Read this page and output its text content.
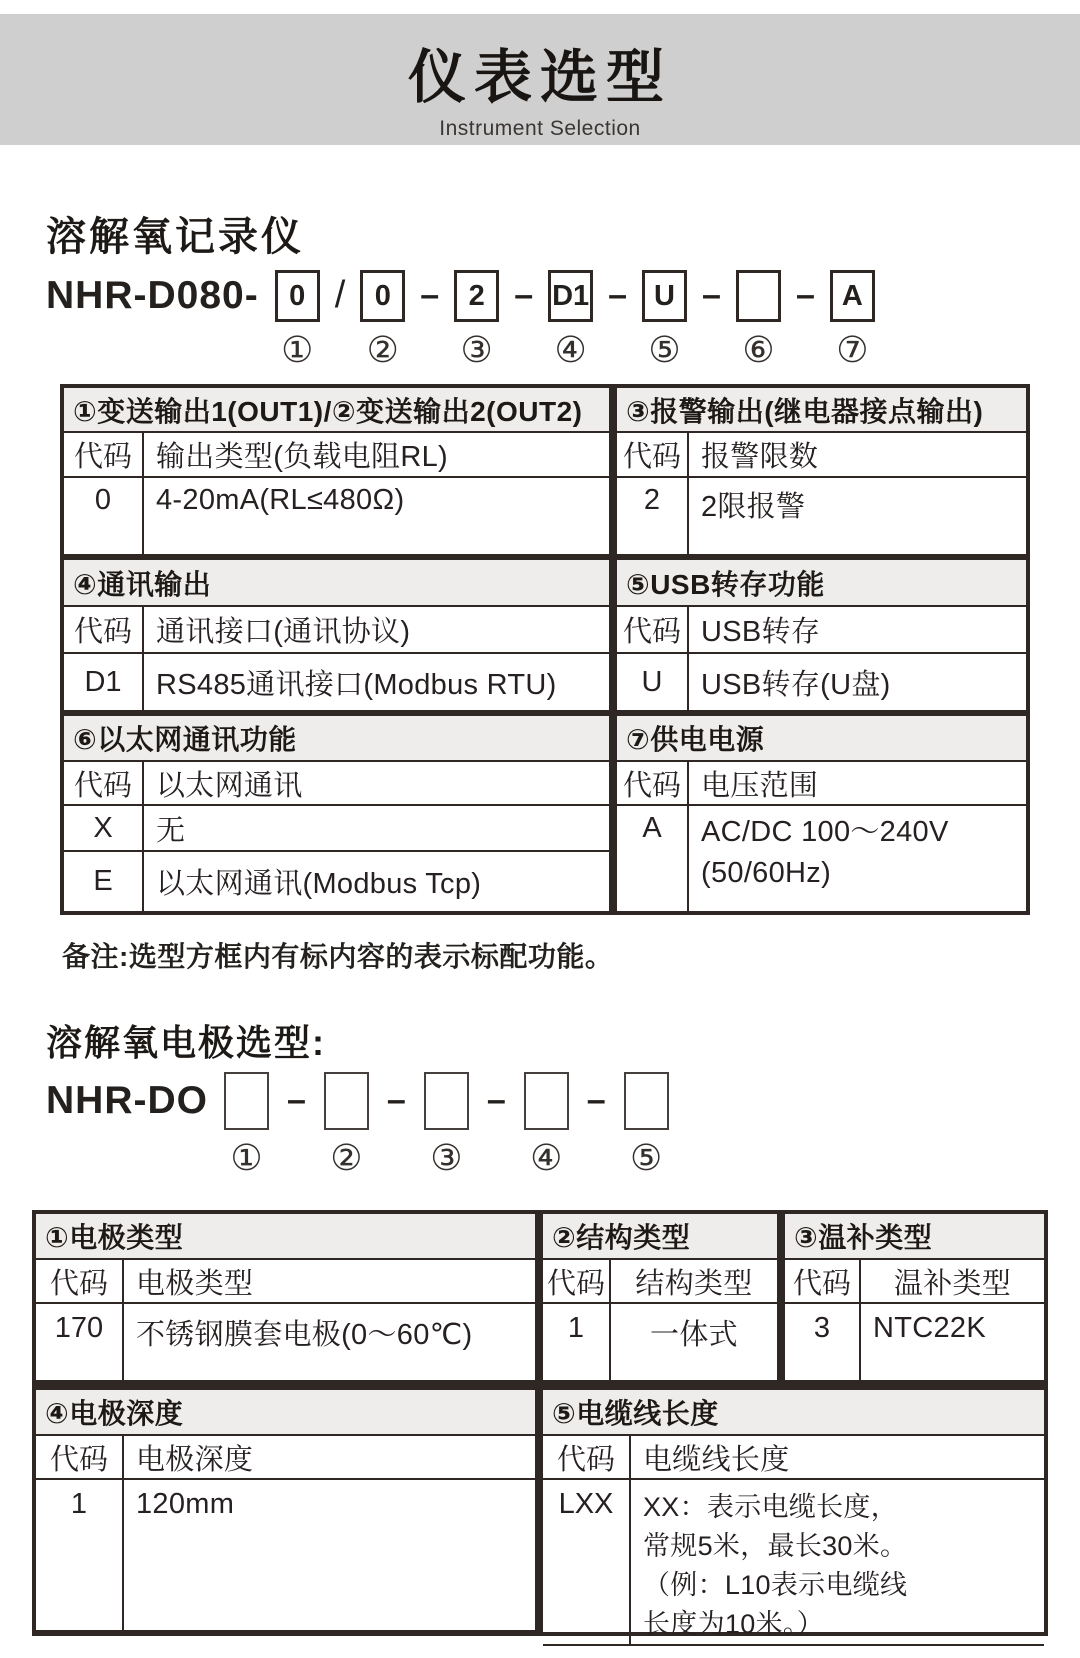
仪表选型
Instrument Selection
溶解氧记录仪
NHR-D080-	0
①
/	0
②
–	2
③
– D1
④
– U
⑤
–
⑥
– A
⑦
①变送输出1(OUT1)/②变送输出2(OUT2)
代码 输出类型(负载电阻RL)
0	4-20mA(RL≤480Ω)
④通讯输出
代码 通讯接口(通讯协议)
D1	RS485通讯接口(Modbus RTU)
⑥以太网通讯功能
代码 以太网通讯
X	无
E	以太网通讯(Modbus Tcp)
③报警输出(继电器接点输出)
代码 报警限数
2	2限报警
⑤USB转存功能
代码 USB转存
U	USB转存(U盘)
⑦供电电源
代码 电压范围
A	AC/DC 100～240V
(50/60Hz)
备注:选型方框内有标内容的表示标配功能。
溶解氧电极选型:
NHR-DO
①
–
②
–
③
–
④
–
⑤
①电极类型
代码 电极类型
170	不锈钢膜套电极(0～60℃)
②结构类型
代码	结构类型
1	一体式
③温补类型
代码	温补类型
3	NTC22K
④电极深度
代码 电极深度
1	120mm
⑤电缆线长度
代码 电缆线长度
LXX	XX：表示电缆长度，
常规5米，最长30米。
（例：L10表示电缆线
长度为10米。）
